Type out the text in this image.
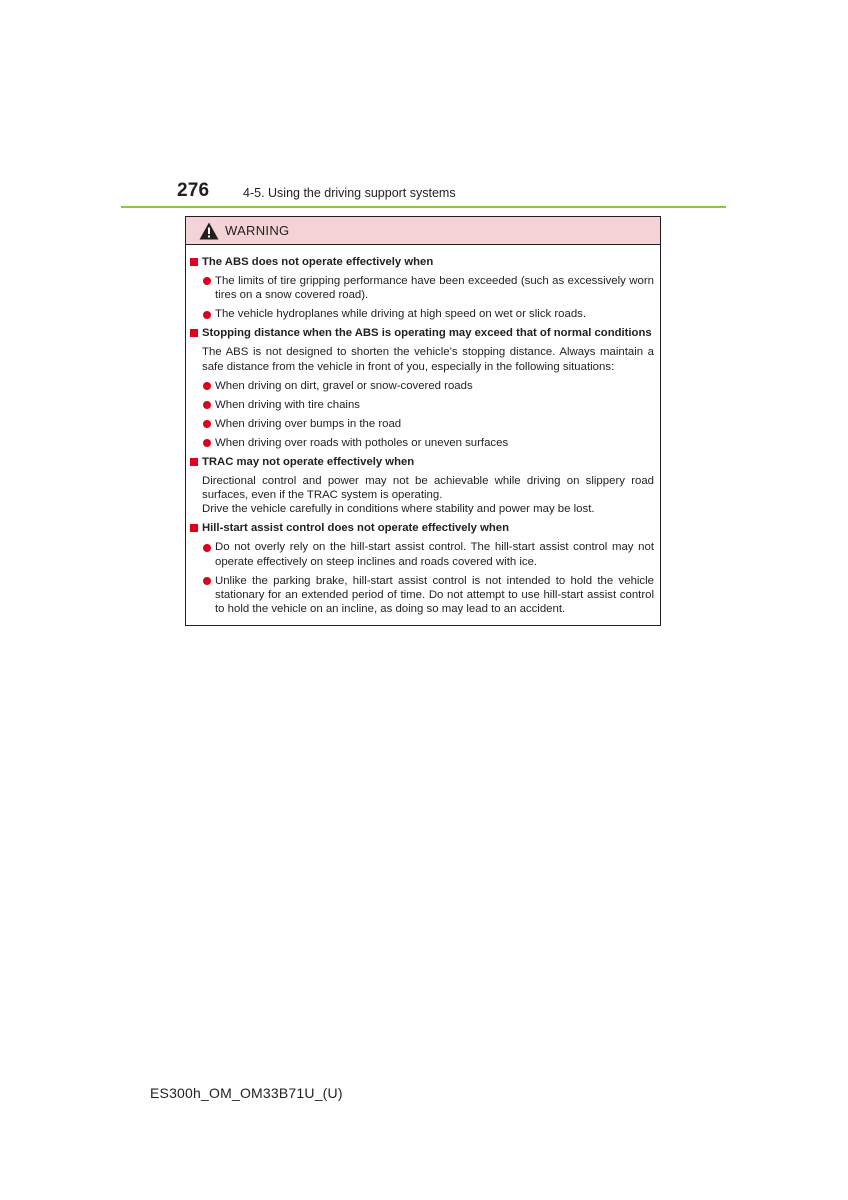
276	4-5. Using the driving support systems
WARNING
The ABS does not operate effectively when
The limits of tire gripping performance have been exceeded (such as excessively worn tires on a snow covered road).
The vehicle hydroplanes while driving at high speed on wet or slick roads.
Stopping distance when the ABS is operating may exceed that of normal conditions
The ABS is not designed to shorten the vehicle’s stopping distance. Always maintain a safe distance from the vehicle in front of you, especially in the following situations:
When driving on dirt, gravel or snow-covered roads
When driving with tire chains
When driving over bumps in the road
When driving over roads with potholes or uneven surfaces
TRAC may not operate effectively when
Directional control and power may not be achievable while driving on slippery road surfaces, even if the TRAC system is operating.
Drive the vehicle carefully in conditions where stability and power may be lost.
Hill-start assist control does not operate effectively when
Do not overly rely on the hill-start assist control. The hill-start assist control may not operate effectively on steep inclines and roads covered with ice.
Unlike the parking brake, hill-start assist control is not intended to hold the vehicle stationary for an extended period of time. Do not attempt to use hill-start assist control to hold the vehicle on an incline, as doing so may lead to an accident.
ES300h_OM_OM33B71U_(U)
